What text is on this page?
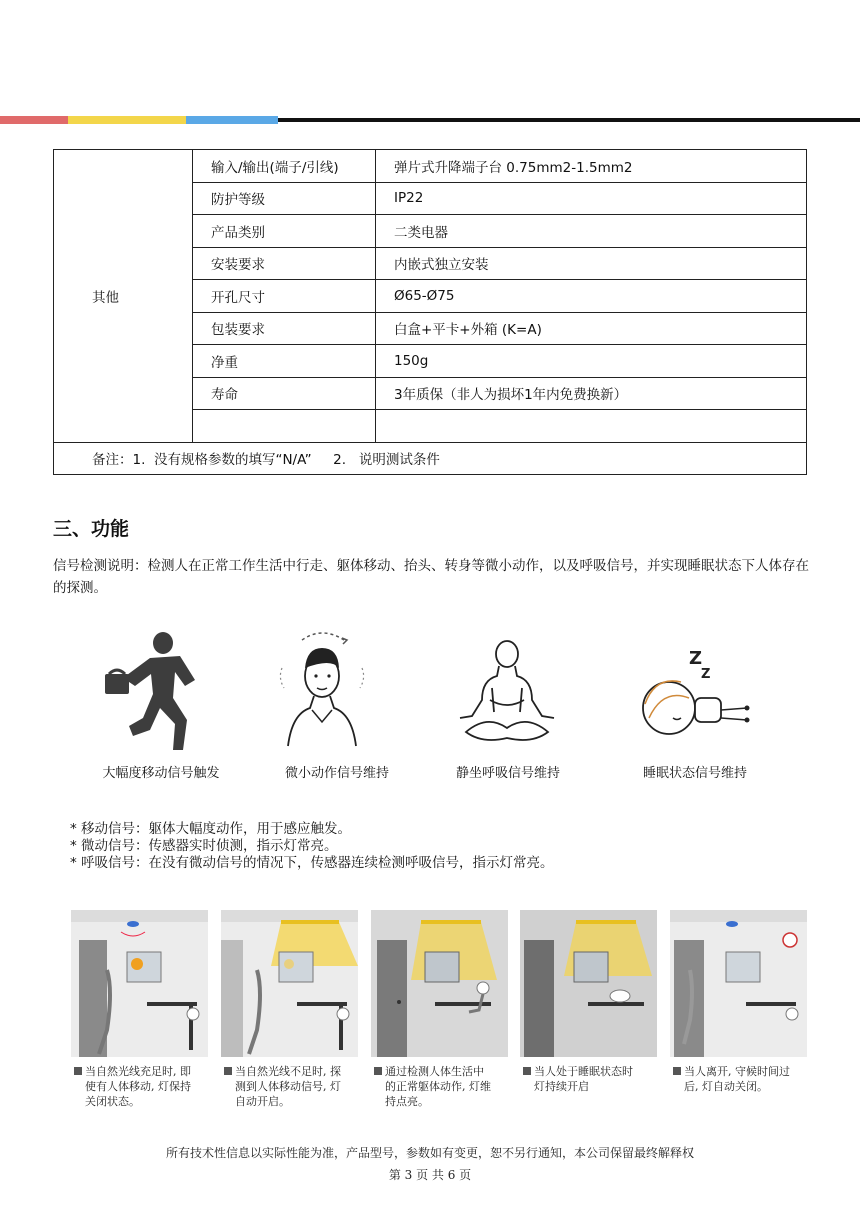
其他	输入/输出(端子/引线)	弹片式升降端子台 0.75mm2-1.5mm2
	防护等级	IP22
	产品类别	二类电器
	安装要求	内嵌式独立安装
	开孔尺寸	Ø65-Ø75
	包装要求	白盒+平卡+外箱 (K=A)
	净重	150g
	寿命	3年质保（非人为损坏1年内免费换新）

备注：1.  没有规格参数的填写“N/A”     2.   说明测试条件		
三、功能
信号检测说明：检测人在正常工作生活中行走、躯体移动、抬头、转身等微小动作，以及呼吸信号，并实现睡眠状态下人体存在的探测。
Z
Z
大幅度移动信号触发	微小动作信号维持	静坐呼吸信号维持	睡眠状态信号维持
* 移动信号：躯体大幅度动作，用于感应触发。
* 微动信号：传感器实时侦测，指示灯常亮。
* 呼吸信号：在没有微动信号的情况下，传感器连续检测呼吸信号，指示灯常亮。
当自然光线充足时, 即
使有人体移动, 灯保持
关闭状态。
当自然光线不足时, 探
测到人体移动信号, 灯
自动开启。
通过检测人体生活中
的正常躯体动作, 灯维
持点亮。
当人处于睡眠状态时
灯持续开启
当人离开, 守候时间过
后, 灯自动关闭。
所有技术性信息以实际性能为准，产品型号，参数如有变更，恕不另行通知，本公司保留最终解释权
第 3 页 共 6 页
